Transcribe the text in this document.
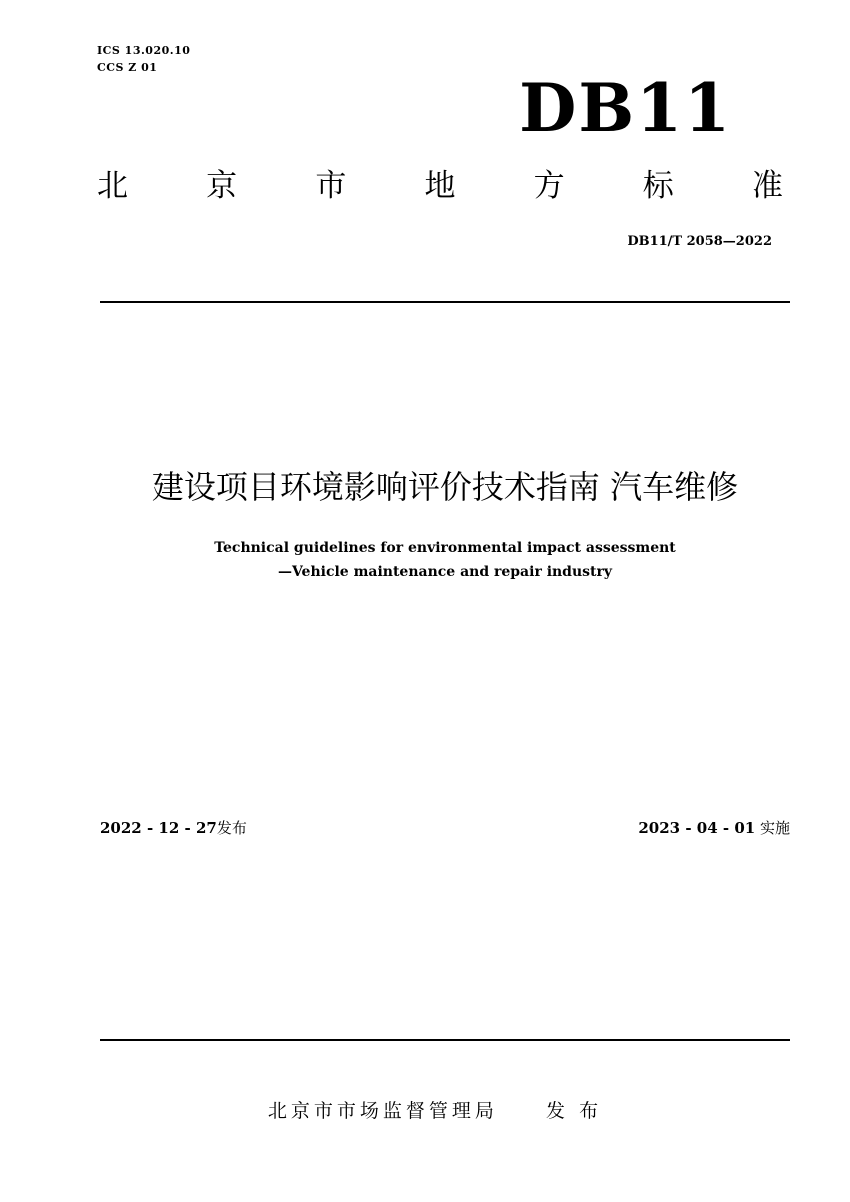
ICS 13.020.10
CCS Z 01
DB11
北	京	市	地	方	标	准
DB11/T 2058—2022
建设项目环境影响评价技术指南 汽车维修
Technical guidelines for environmental impact assessment
—Vehicle maintenance and repair industry
2022 - 12 - 27发布	2023 - 04 - 01 实施
北京市市场监督管理局	发 布
